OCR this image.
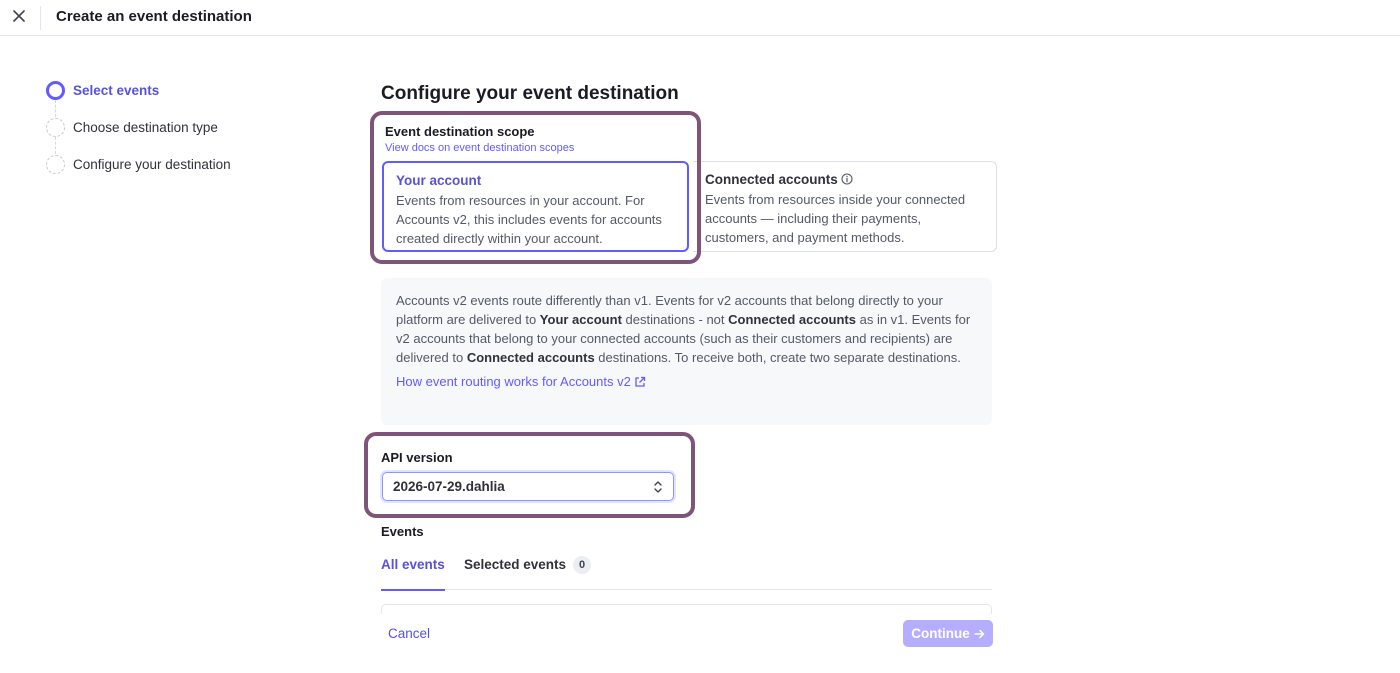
Create an event destination
Select events
Choose destination type
Configure your destination
Configure your event destination
Event destination scope
View docs on event destination scopes
Your account
Events from resources in your account. For Accounts v2, this includes events for accounts created directly within your account.
Connected accounts
Events from resources inside your connected accounts — including their payments, customers, and payment methods.
Accounts v2 events route differently than v1. Events for v2 accounts that belong directly to your platform are delivered to Your account destinations - not Connected accounts as in v1. Events for v2 accounts that belong to your connected accounts (such as their customers and recipients) are delivered to Connected accounts destinations. To receive both, create two separate destinations.
How event routing works for Accounts v2
API version
2026-07-29.dahlia
Events
All events Selected events	0
Cancel	Continue
